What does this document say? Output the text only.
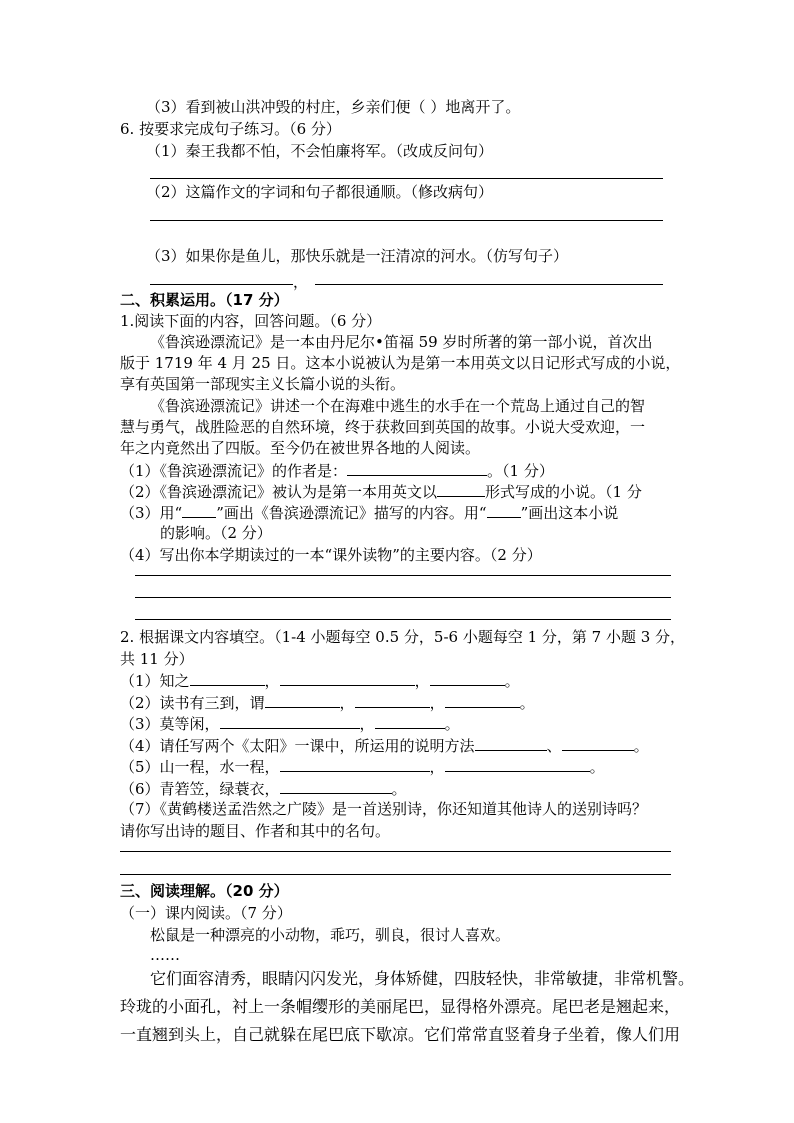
（3）看到被山洪冲毁的村庄，乡亲们便（ ）地离开了。
6. 按要求完成句子练习。（6 分）
（1）秦王我都不怕，不会怕廉将军。（改成反问句）
（2）这篇作文的字词和句子都很通顺。（修改病句）
（3）如果你是鱼儿，那快乐就是一汪清凉的河水。（仿写句子）
，
二、积累运用。（17 分）
1.阅读下面的内容，回答问题。（6 分）
《鲁滨逊漂流记》是一本由丹尼尔•笛福 59 岁时所著的第一部小说，首次出
版于 1719 年 4 月 25 日。这本小说被认为是第一本用英文以日记形式写成的小说，
享有英国第一部现实主义长篇小说的头衔。
《鲁滨逊漂流记》讲述一个在海难中逃生的水手在一个荒岛上通过自己的智
慧与勇气，战胜险恶的自然环境，终于获救回到英国的故事。小说大受欢迎，一
年之内竟然出了四版。至今仍在被世界各地的人阅读。
（1）《鲁滨逊漂流记》的作者是：	。（1 分）
（2）《鲁滨逊漂流记》被认为是第一本用英文以	形式写成的小说。（1 分
（3）用“ ”画出《鲁滨逊漂流记》描写的内容。用“ ”画出这本小说
的影响。（2 分）
（4）写出你本学期读过的一本“课外读物”的主要内容。（2 分）
2. 根据课文内容填空。（1-4 小题每空 0.5 分，5-6 小题每空 1 分，第 7 小题 3 分，
共 11 分）
（1）知之	，	，	。
（2）读书有三到，谓	，	，	。
（3）莫等闲，	，	。
（4）请任写两个《太阳》一课中，所运用的说明方法	、	。
（5）山一程，水一程，	，	。
（6）青箬笠，绿蓑衣，	。
（7）《黄鹤楼送孟浩然之广陵》是一首送别诗，你还知道其他诗人的送别诗吗？
请你写出诗的题目、作者和其中的名句。
三、阅读理解。（20 分）
（一）课内阅读。（7 分）
松鼠是一种漂亮的小动物，乖巧，驯良，很讨人喜欢。
……
它们面容清秀，眼睛闪闪发光，身体矫健，四肢轻快，非常敏捷，非常机警。
玲珑的小面孔，衬上一条帽缨形的美丽尾巴，显得格外漂亮。尾巴老是翘起来，
一直翘到头上，自己就躲在尾巴底下歇凉。它们常常直竖着身子坐着，像人们用
